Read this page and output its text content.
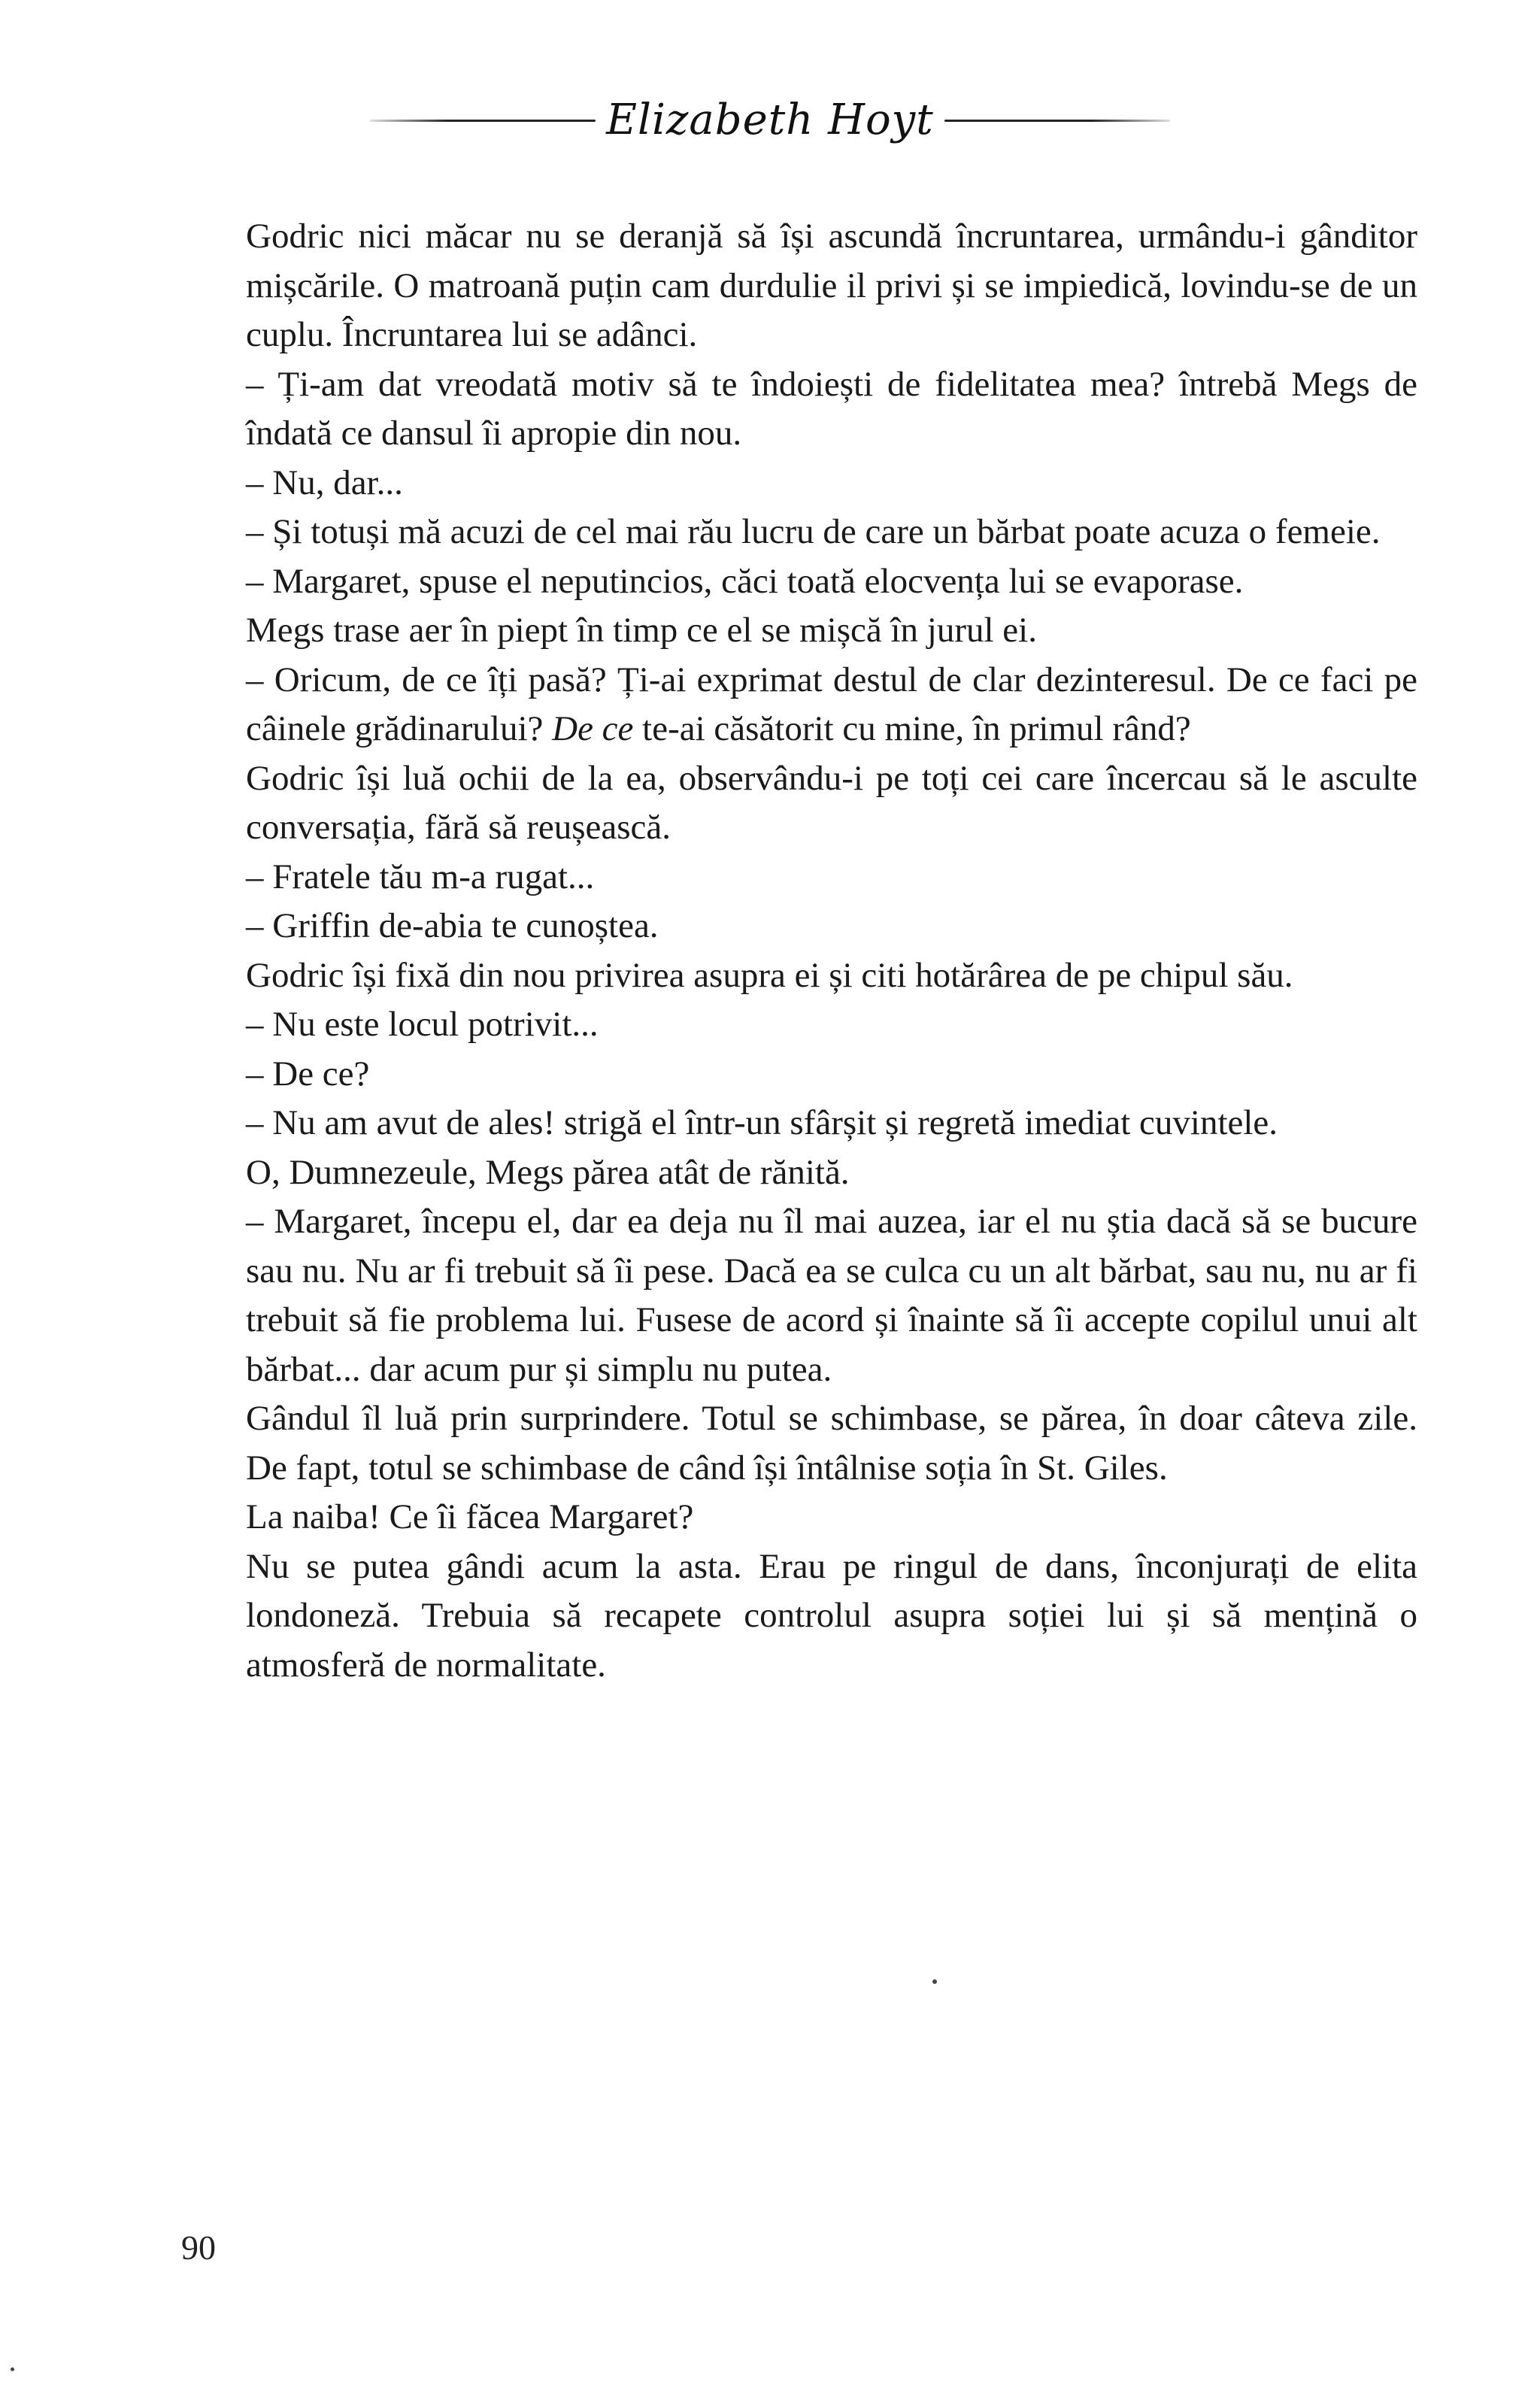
Elizabeth Hoyt

Godric nici măcar nu se deranjă să își ascundă încruntarea, urmându-i gânditor mișcările. O matroană puțin cam durdulie il privi și se impiedică, lovindu-se de un cuplu. Încruntarea lui se adânci.

– Ți-am dat vreodată motiv să te îndoiești de fidelitatea mea? întrebă Megs de îndată ce dansul îi apropie din nou.

– Nu, dar...

– Și totuși mă acuzi de cel mai rău lucru de care un bărbat poate acuza o femeie.

– Margaret, spuse el neputincios, căci toată elocvența lui se evaporase.

Megs trase aer în piept în timp ce el se mișcă în jurul ei.

– Oricum, de ce îți pasă? Ți-ai exprimat destul de clar dezinteresul. De ce faci pe câinele grădinarului? De ce te-ai căsătorit cu mine, în primul rând?

Godric își luă ochii de la ea, observându-i pe toți cei care încercau să le asculte conversația, fără să reușească.

– Fratele tău m-a rugat...

– Griffin de-abia te cunoștea.

Godric își fixă din nou privirea asupra ei și citi hotărârea de pe chipul său.

– Nu este locul potrivit...

– De ce?

– Nu am avut de ales! strigă el într-un sfârșit și regretă imediat cuvintele.

O, Dumnezeule, Megs părea atât de rănită.

– Margaret, începu el, dar ea deja nu îl mai auzea, iar el nu știa dacă să se bucure sau nu. Nu ar fi trebuit să îi pese. Dacă ea se culca cu un alt bărbat, sau nu, nu ar fi trebuit să fie problema lui. Fusese de acord și înainte să îi accepte copilul unui alt bărbat... dar acum pur și simplu nu putea.

Gândul îl luă prin surprindere. Totul se schimbase, se părea, în doar câteva zile. De fapt, totul se schimbase de când își întâlnise soția în St. Giles.

La naiba! Ce îi făcea Margaret?

Nu se putea gândi acum la asta. Erau pe ringul de dans, înconjurați de elita londoneză. Trebuia să recapete controlul asupra soției lui și să mențină o atmosferă de normalitate.

90
